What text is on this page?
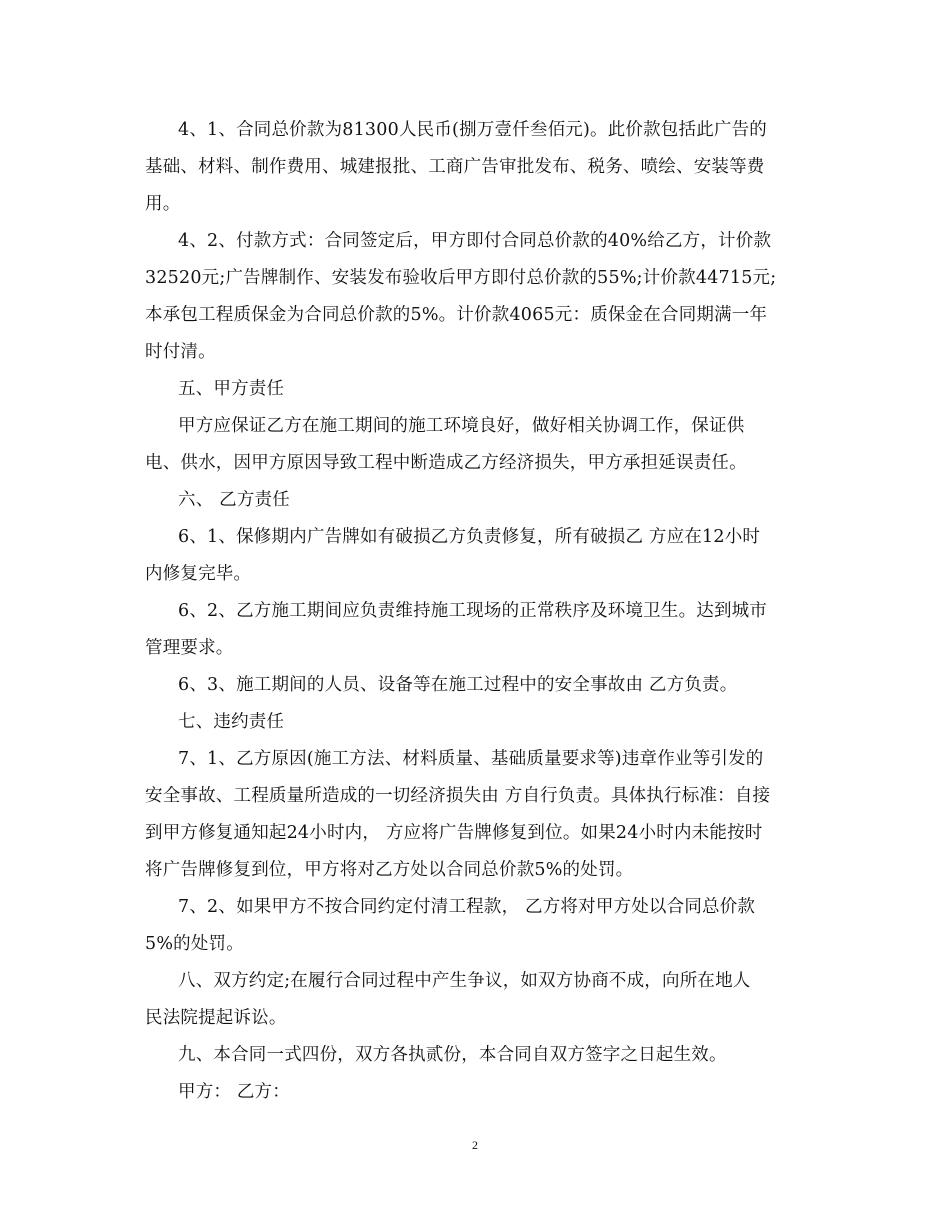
4、1、合同总价款为81300人民币(捌万壹仟叁佰元)。此价款包括此广告的
基础、材料、制作费用、城建报批、工商广告审批发布、税务、喷绘、安装等费
用。
4、2、付款方式：合同签定后，甲方即付合同总价款的40%给乙方，计价款
32520元;广告牌制作、安装发布验收后甲方即付总价款的55%;计价款44715元;
本承包工程质保金为合同总价款的5%。计价款4065元：质保金在合同期满一年
时付清。
五、甲方责任
甲方应保证乙方在施工期间的施工环境良好，做好相关协调工作，保证供
电、供水，因甲方原因导致工程中断造成乙方经济损失，甲方承担延误责任。
六、 乙方责任
6、1、保修期内广告牌如有破损乙方负责修复，所有破损乙 方应在12小时
内修复完毕。
6、2、乙方施工期间应负责维持施工现场的正常秩序及环境卫生。达到城市
管理要求。
6、3、施工期间的人员、设备等在施工过程中的安全事故由 乙方负责。
七、违约责任
7、1、乙方原因(施工方法、材料质量、基础质量要求等)违章作业等引发的
安全事故、工程质量所造成的一切经济损失由 方自行负责。具体执行标准：自接
到甲方修复通知起24小时内， 方应将广告牌修复到位。如果24小时内未能按时
将广告牌修复到位，甲方将对乙方处以合同总价款5%的处罚。
7、2、如果甲方不按合同约定付清工程款， 乙方将对甲方处以合同总价款
5%的处罚。
八、双方约定;在履行合同过程中产生争议，如双方协商不成，向所在地人
民法院提起诉讼。
九、本合同一式四份，双方各执贰份，本合同自双方签字之日起生效。
甲方： 乙方：
2
